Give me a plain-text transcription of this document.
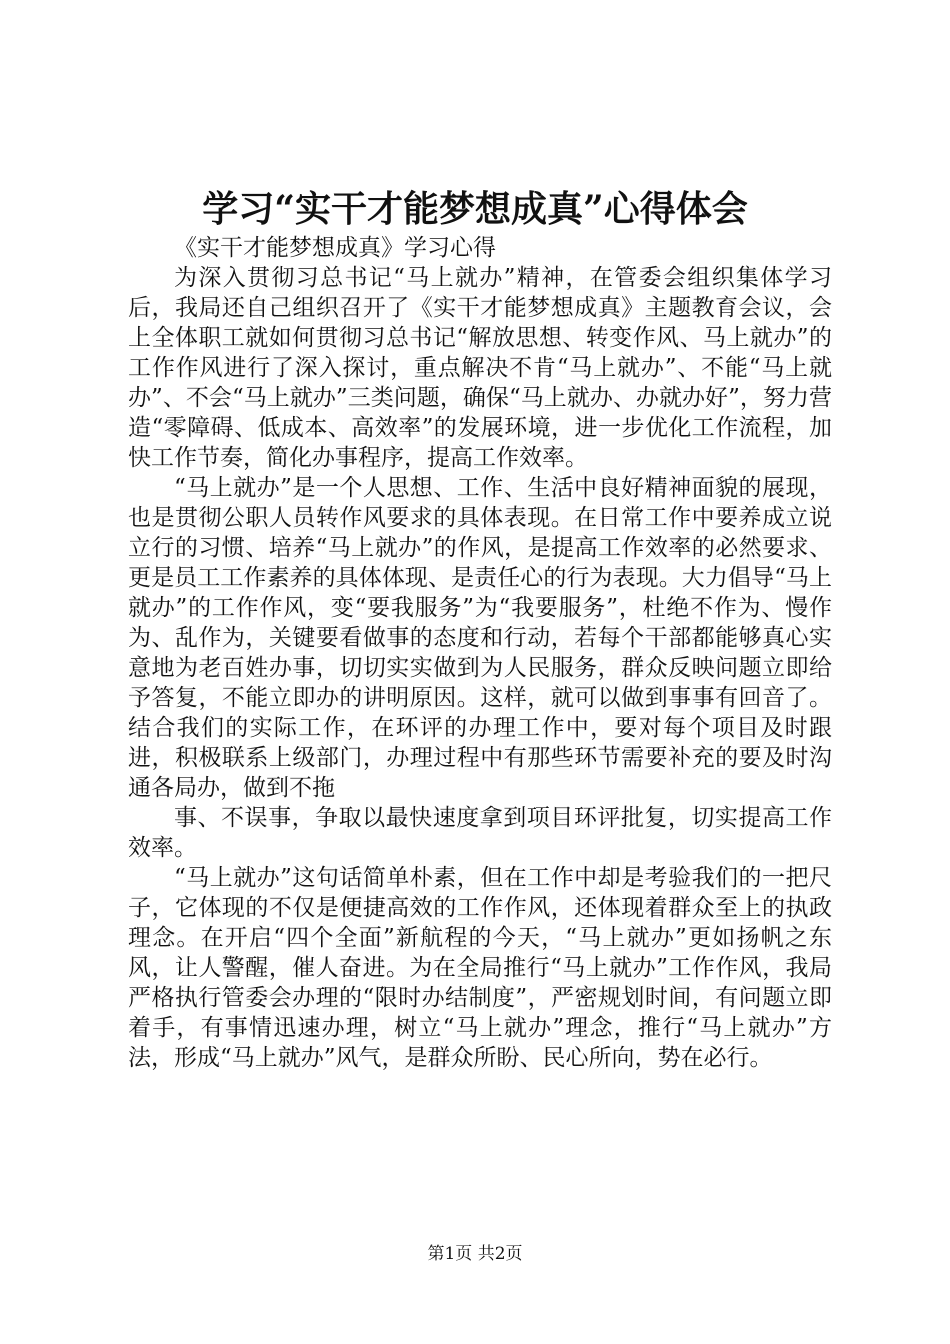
学习“实干才能梦想成真”心得体会

《实干才能梦想成真》学习心得

为深入贯彻习总书记“马上就办”精神，在管委会组织集体学习后，我局还自己组织召开了《实干才能梦想成真》主题教育会议，会上全体职工就如何贯彻习总书记“解放思想、转变作风、马上就办”的工作作风进行了深入探讨，重点解决不肯“马上就办”、不能“马上就办”、不会“马上就办”三类问题，确保“马上就办、办就办好”，努力营造“零障碍、低成本、高效率”的发展环境，进一步优化工作流程，加快工作节奏，简化办事程序，提高工作效率。

“马上就办”是一个人思想、工作、生活中良好精神面貌的展现，也是贯彻公职人员转作风要求的具体表现。在日常工作中要养成立说立行的习惯、培养“马上就办”的作风，是提高工作效率的必然要求、更是员工工作素养的具体体现、是责任心的行为表现。大力倡导“马上就办”的工作作风，变“要我服务”为“我要服务”，杜绝不作为、慢作为、乱作为，关键要看做事的态度和行动，若每个干部都能够真心实意地为老百姓办事，切切实实做到为人民服务，群众反映问题立即给予答复，不能立即办的讲明原因。这样，就可以做到事事有回音了。结合我们的实际工作，在环评的办理工作中，要对每个项目及时跟进，积极联系上级部门，办理过程中有那些环节需要补充的要及时沟通各局办，做到不拖

事、不误事，争取以最快速度拿到项目环评批复，切实提高工作效率。

“马上就办”这句话简单朴素，但在工作中却是考验我们的一把尺子，它体现的不仅是便捷高效的工作作风，还体现着群众至上的执政理念。在开启“四个全面”新航程的今天，“马上就办”更如扬帆之东风，让人警醒，催人奋进。为在全局推行“马上就办”工作作风，我局严格执行管委会办理的“限时办结制度”，严密规划时间，有问题立即着手，有事情迅速办理，树立“马上就办”理念，推行“马上就办”方法，形成“马上就办”风气，是群众所盼、民心所向，势在必行。

第1页 共2页
